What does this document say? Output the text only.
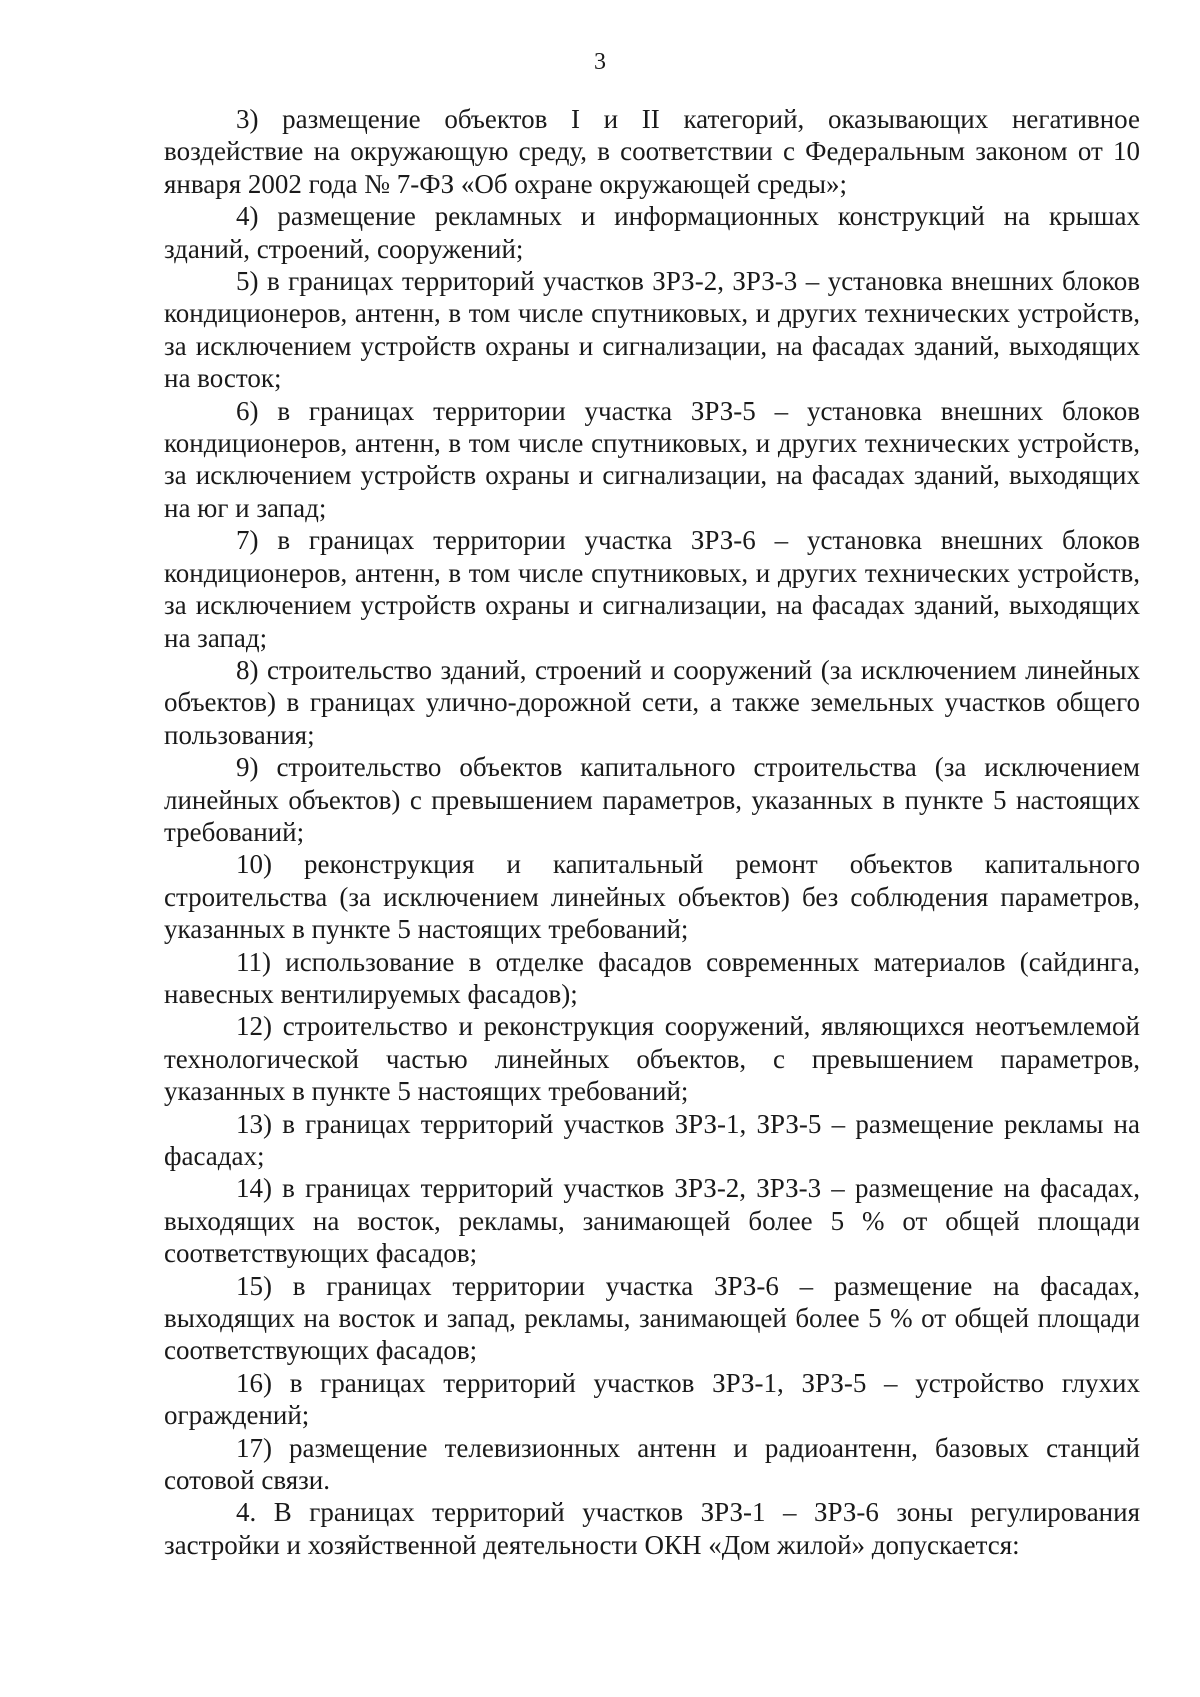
3

3) размещение объектов I и II категорий, оказывающих негативное воздействие на окружающую среду, в соответствии с Федеральным законом от 10 января 2002 года № 7-ФЗ «Об охране окружающей среды»;

4) размещение рекламных и информационных конструкций на крышах зданий, строений, сооружений;

5) в границах территорий участков ЗРЗ-2, ЗРЗ-3 – установка внешних блоков кондиционеров, антенн, в том числе спутниковых, и других технических устройств, за исключением устройств охраны и сигнализации, на фасадах зданий, выходящих на восток;

6) в границах территории участка ЗРЗ-5 – установка внешних блоков кондиционеров, антенн, в том числе спутниковых, и других технических устройств, за исключением устройств охраны и сигнализации, на фасадах зданий, выходящих на юг и запад;

7) в границах территории участка ЗРЗ-6 – установка внешних блоков кондиционеров, антенн, в том числе спутниковых, и других технических устройств, за исключением устройств охраны и сигнализации, на фасадах зданий, выходящих на запад;

8) строительство зданий, строений и сооружений (за исключением линейных объектов) в границах улично-дорожной сети, а также земельных участков общего пользования;

9) строительство объектов капитального строительства (за исключением линейных объектов) с превышением параметров, указанных в пункте 5 настоящих требований;

10) реконструкция и капитальный ремонт объектов капитального строительства (за исключением линейных объектов) без соблюдения параметров, указанных в пункте 5 настоящих требований;

11) использование в отделке фасадов современных материалов (сайдинга, навесных вентилируемых фасадов);

12) строительство и реконструкция сооружений, являющихся неотъемлемой технологической частью линейных объектов, с превышением параметров, указанных в пункте 5 настоящих требований;

13) в границах территорий участков ЗРЗ-1, ЗРЗ-5 – размещение рекламы на фасадах;

14) в границах территорий участков ЗРЗ-2, ЗРЗ-3 – размещение на фасадах, выходящих на восток, рекламы, занимающей более 5 % от общей площади соответствующих фасадов;

15) в границах территории участка ЗРЗ-6 – размещение на фасадах, выходящих на восток и запад, рекламы, занимающей более 5 % от общей площади соответствующих фасадов;

16) в границах территорий участков ЗРЗ-1, ЗРЗ-5 – устройство глухих ограждений;

17) размещение телевизионных антенн и радиоантенн, базовых станций сотовой связи.

4. В границах территорий участков ЗРЗ-1 – ЗРЗ-6 зоны регулирования застройки и хозяйственной деятельности ОКН «Дом жилой» допускается:
